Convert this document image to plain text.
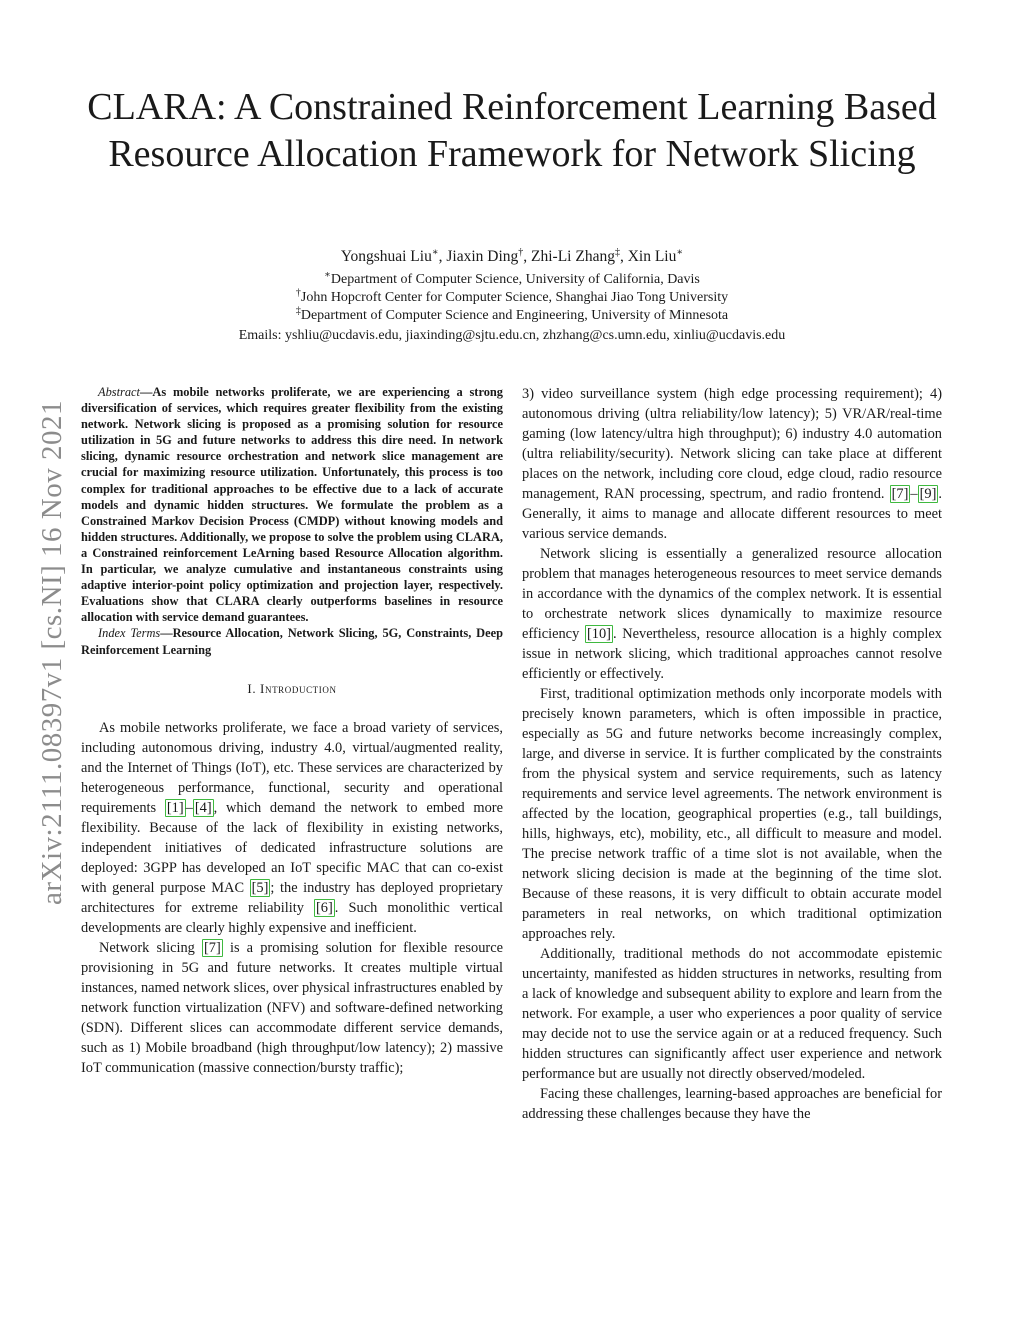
arXiv:2111.08397v1 [cs.NI] 16 Nov 2021
CLARA: A Constrained Reinforcement Learning Based Resource Allocation Framework for Network Slicing
Yongshuai Liu∗, Jiaxin Ding†, Zhi-Li Zhang‡, Xin Liu∗
∗Department of Computer Science, University of California, Davis
†John Hopcroft Center for Computer Science, Shanghai Jiao Tong University
‡Department of Computer Science and Engineering, University of Minnesota
Emails: yshliu@ucdavis.edu, jiaxinding@sjtu.edu.cn, zhzhang@cs.umn.edu, xinliu@ucdavis.edu

Abstract—As mobile networks proliferate, we are experiencing a strong diversification of services, which requires greater flexibility from the existing network. Network slicing is proposed as a promising solution for resource utilization in 5G and future networks to address this dire need. In network slicing, dynamic resource orchestration and network slice management are crucial for maximizing resource utilization. Unfortunately, this process is too complex for traditional approaches to be effective due to a lack of accurate models and dynamic hidden structures. We formulate the problem as a Constrained Markov Decision Process (CMDP) without knowing models and hidden structures. Additionally, we propose to solve the problem using CLARA, a Constrained reinforcement LeArning based Resource Allocation algorithm. In particular, we analyze cumulative and instantaneous constraints using adaptive interior-point policy optimization and projection layer, respectively. Evaluations show that CLARA clearly outperforms baselines in resource allocation with service demand guarantees.

Index Terms—Resource Allocation, Network Slicing, 5G, Constraints, Deep Reinforcement Learning

I. Introduction

As mobile networks proliferate, we face a broad variety of services, including autonomous driving, industry 4.0, virtual/augmented reality, and the Internet of Things (IoT), etc. These services are characterized by heterogeneous performance, functional, security and operational requirements [1] – [4] , which demand the network to embed more flexibility. Because of the lack of flexibility in existing networks, independent initiatives of dedicated infrastructure solutions are deployed: 3GPP has developed an IoT specific MAC that can co-exist with general purpose MAC [5] ; the industry has deployed proprietary architectures for extreme reliability [6] . Such monolithic vertical developments are clearly highly expensive and inefficient.

Network slicing [7] is a promising solution for flexible resource provisioning in 5G and future networks. It creates multiple virtual instances, named network slices, over physical infrastructures enabled by network function virtualization (NFV) and software-defined networking (SDN). Different slices can accommodate different service demands, such as 1) Mobile broadband (high throughput/low latency); 2) massive IoT communication (massive connection/bursty traffic);

3) video surveillance system (high edge processing requirement); 4) autonomous driving (ultra reliability/low latency); 5) VR/AR/real-time gaming (low latency/ultra high throughput); 6) industry 4.0 automation (ultra reliability/security). Network slicing can take place at different places on the network, including core cloud, edge cloud, radio resource management, RAN processing, spectrum, and radio frontend. [7] – [9] . Generally, it aims to manage and allocate different resources to meet various service demands.

Network slicing is essentially a generalized resource allocation problem that manages heterogeneous resources to meet service demands in accordance with the dynamics of the complex network. It is essential to orchestrate network slices dynamically to maximize resource efficiency [10] . Nevertheless, resource allocation is a highly complex issue in network slicing, which traditional approaches cannot resolve efficiently or effectively.

First, traditional optimization methods only incorporate models with precisely known parameters, which is often impossible in practice, especially as 5G and future networks become increasingly complex, large, and diverse in service. It is further complicated by the constraints from the physical system and service requirements, such as latency requirements and service level agreements. The network environment is affected by the location, geographical properties (e.g., tall buildings, hills, highways, etc), mobility, etc., all difficult to measure and model. The precise network traffic of a time slot is not available, when the network slicing decision is made at the beginning of the time slot. Because of these reasons, it is very difficult to obtain accurate model parameters in real networks, on which traditional optimization approaches rely.

Additionally, traditional methods do not accommodate epistemic uncertainty, manifested as hidden structures in networks, resulting from a lack of knowledge and subsequent ability to explore and learn from the network. For example, a user who experiences a poor quality of service may decide not to use the service again or at a reduced frequency. Such hidden structures can significantly affect user experience and network performance but are usually not directly observed/modeled.

Facing these challenges, learning-based approaches are beneficial for addressing these challenges because they have the
